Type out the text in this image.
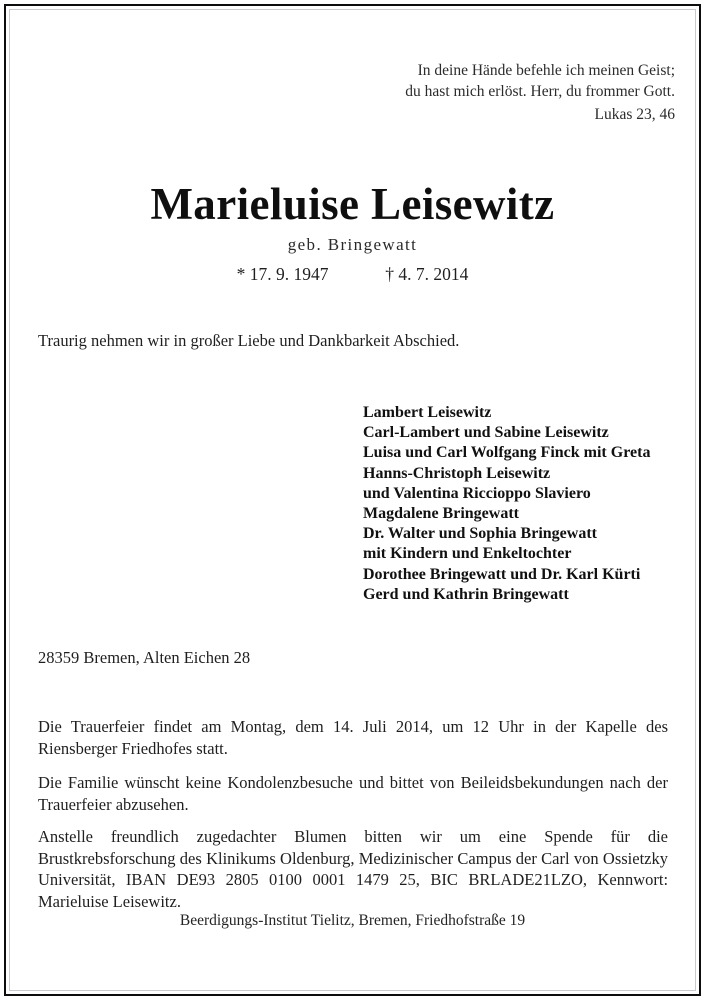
In deine Hände befehle ich meinen Geist;
du hast mich erlöst. Herr, du frommer Gott.
Lukas 23, 46
Marieluise Leisewitz
geb. Bringewatt
* 17. 9. 1947	† 4. 7. 2014
Traurig nehmen wir in großer Liebe und Dankbarkeit Abschied.
Lambert Leisewitz
Carl-Lambert und Sabine Leisewitz
Luisa und Carl Wolfgang Finck mit Greta
Hanns-Christoph Leisewitz
und Valentina Riccioppo Slaviero
Magdalene Bringewatt
Dr. Walter und Sophia Bringewatt
mit Kindern und Enkeltochter
Dorothee Bringewatt und Dr. Karl Kürti
Gerd und Kathrin Bringewatt
28359 Bremen, Alten Eichen 28
Die Trauerfeier findet am Montag, dem 14. Juli 2014, um 12 Uhr in der Kapelle des Riensberger Friedhofes statt.
Die Familie wünscht keine Kondolenzbesuche und bittet von Beileidsbekundungen nach der Trauerfeier abzusehen.
Anstelle freundlich zugedachter Blumen bitten wir um eine Spende für die Brustkrebsforschung des Klinikums Oldenburg, Medizinischer Campus der Carl von Ossietzky Universität, IBAN DE93 2805 0100 0001 1479 25, BIC BRLADE21LZO, Kennwort: Marieluise Leisewitz.
Beerdigungs-Institut Tielitz, Bremen, Friedhofstraße 19
